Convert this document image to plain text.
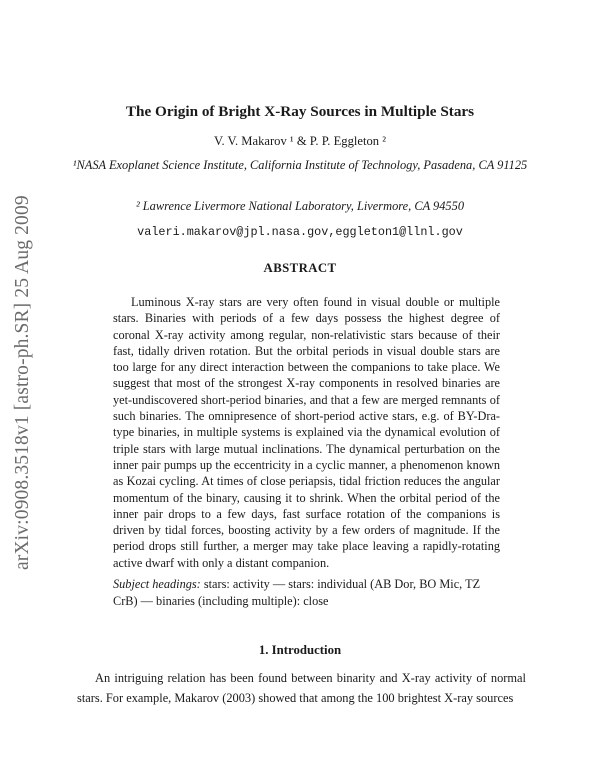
arXiv:0908.3518v1 [astro-ph.SR] 25 Aug 2009
The Origin of Bright X-Ray Sources in Multiple Stars
V. V. Makarov ¹ & P. P. Eggleton ²
¹NASA Exoplanet Science Institute, California Institute of Technology, Pasadena, CA 91125
² Lawrence Livermore National Laboratory, Livermore, CA 94550
valeri.makarov@jpl.nasa.gov,eggleton1@llnl.gov
ABSTRACT

Luminous X-ray stars are very often found in visual double or multiple stars. Binaries with periods of a few days possess the highest degree of coronal X-ray activity among regular, non-relativistic stars because of their fast, tidally driven rotation. But the orbital periods in visual double stars are too large for any direct interaction between the companions to take place. We suggest that most of the strongest X-ray components in resolved binaries are yet-undiscovered short-period binaries, and that a few are merged remnants of such binaries. The omnipresence of short-period active stars, e.g. of BY-Dra-type binaries, in multiple systems is explained via the dynamical evolution of triple stars with large mutual inclinations. The dynamical perturbation on the inner pair pumps up the eccentricity in a cyclic manner, a phenomenon known as Kozai cycling. At times of close periapsis, tidal friction reduces the angular momentum of the binary, causing it to shrink. When the orbital period of the inner pair drops to a few days, fast surface rotation of the companions is driven by tidal forces, boosting activity by a few orders of magnitude. If the period drops still further, a merger may take place leaving a rapidly-rotating active dwarf with only a distant companion.

Subject headings: stars: activity — stars: individual (AB Dor, BO Mic, TZ CrB) — binaries (including multiple): close

1. Introduction

An intriguing relation has been found between binarity and X-ray activity of normal stars. For example, Makarov (2003) showed that among the 100 brightest X-ray sources
